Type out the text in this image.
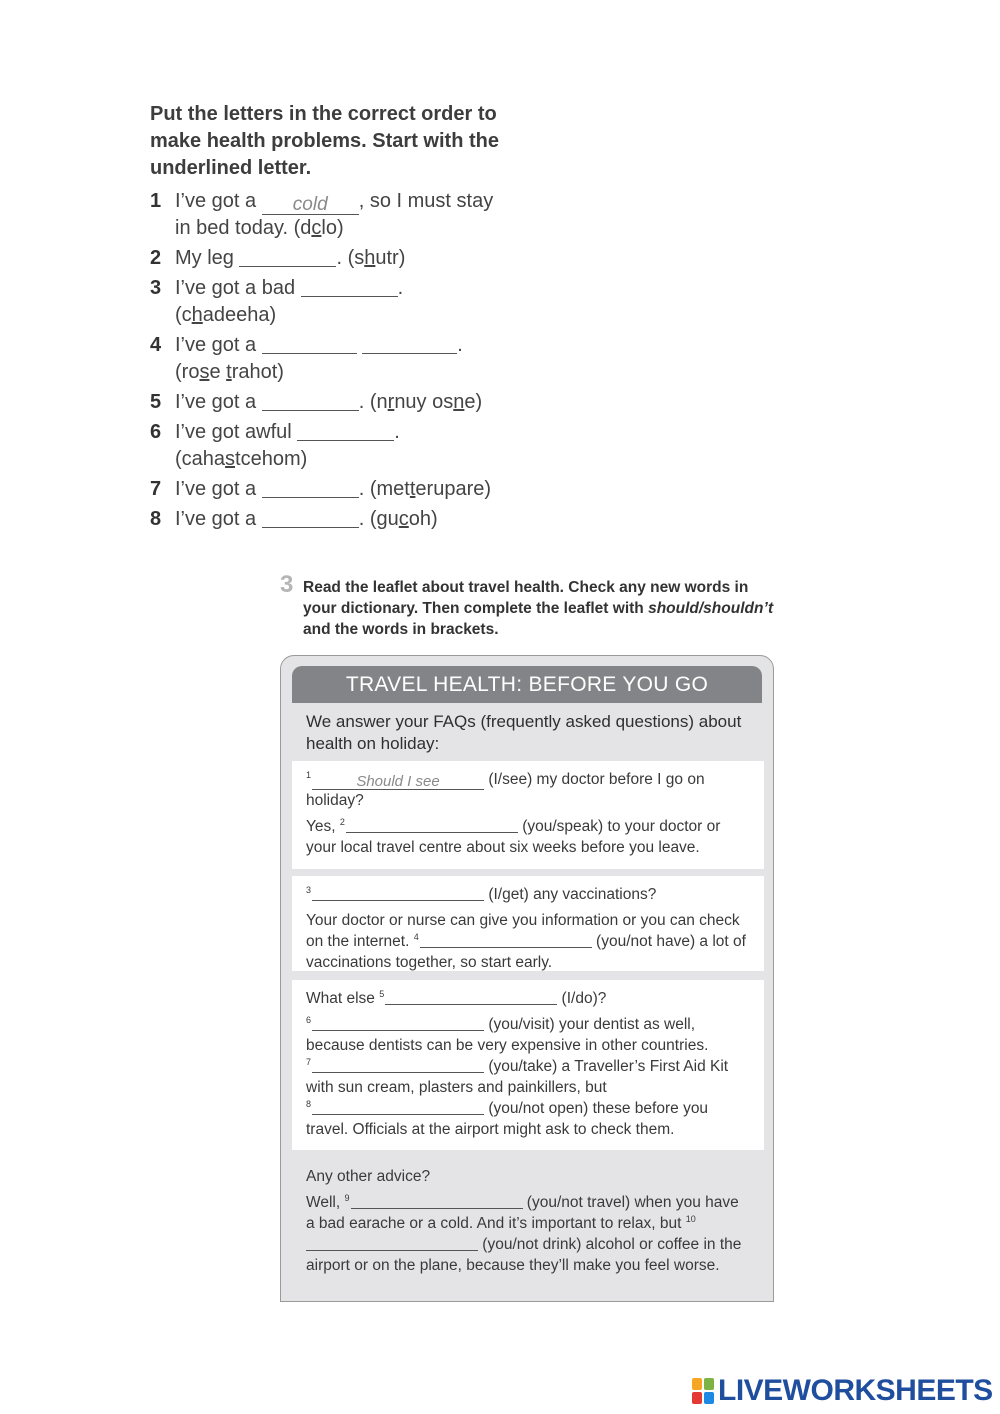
Put the letters in the correct order to make health problems. Start with the underlined letter.

1 I’ve got a cold , so I must stay
in bed today. (dclo)
2 My leg	. (shutr)
3 I’ve got a bad	.
(chadeeha)
4 I’ve got a	.
(rose trahot)
5 I’ve got a	. (nrnuy osne)
6 I’ve got awful	.
(cahastcehom)
7 I’ve got a	. (metterupare)
8 I’ve got a	. (gucoh)
3 Read the leaflet about travel health. Check any new words in your dictionary. Then complete the leaflet with should/shouldn’t and the words in brackets.

TRAVEL HEALTH: BEFORE YOU GO

We answer your FAQs (frequently asked questions) about health on holiday:

$^1$	Should I see	(I/see) my doctor before I go on holiday?

Yes, $^2$	(you/speak) to your doctor or your local travel centre about six weeks before you leave.

$^3$	(I/get) any vaccinations?

Your doctor or nurse can give you information or you can check on the internet. $^4$	(you/not have) a lot of vaccinations together, so start early.

What else $^5$	(I/do)?

$^6$	(you/visit) your dentist as well, because dentists can be very expensive in other countries.
$^7$	(you/take) a Traveller’s First Aid Kit with sun cream, plasters and painkillers, but
$^8$	(you/not open) these before you travel. Officials at the airport might ask to check them.

Any other advice?

Well, $^9$	(you/not travel) when you have a bad earache or a cold. And it’s important to relax, but $^{10}$ (you/not drink) alcohol or coffee in the airport or on the plane, because they’ll make you feel worse.

LIVEWORKSHEETS
